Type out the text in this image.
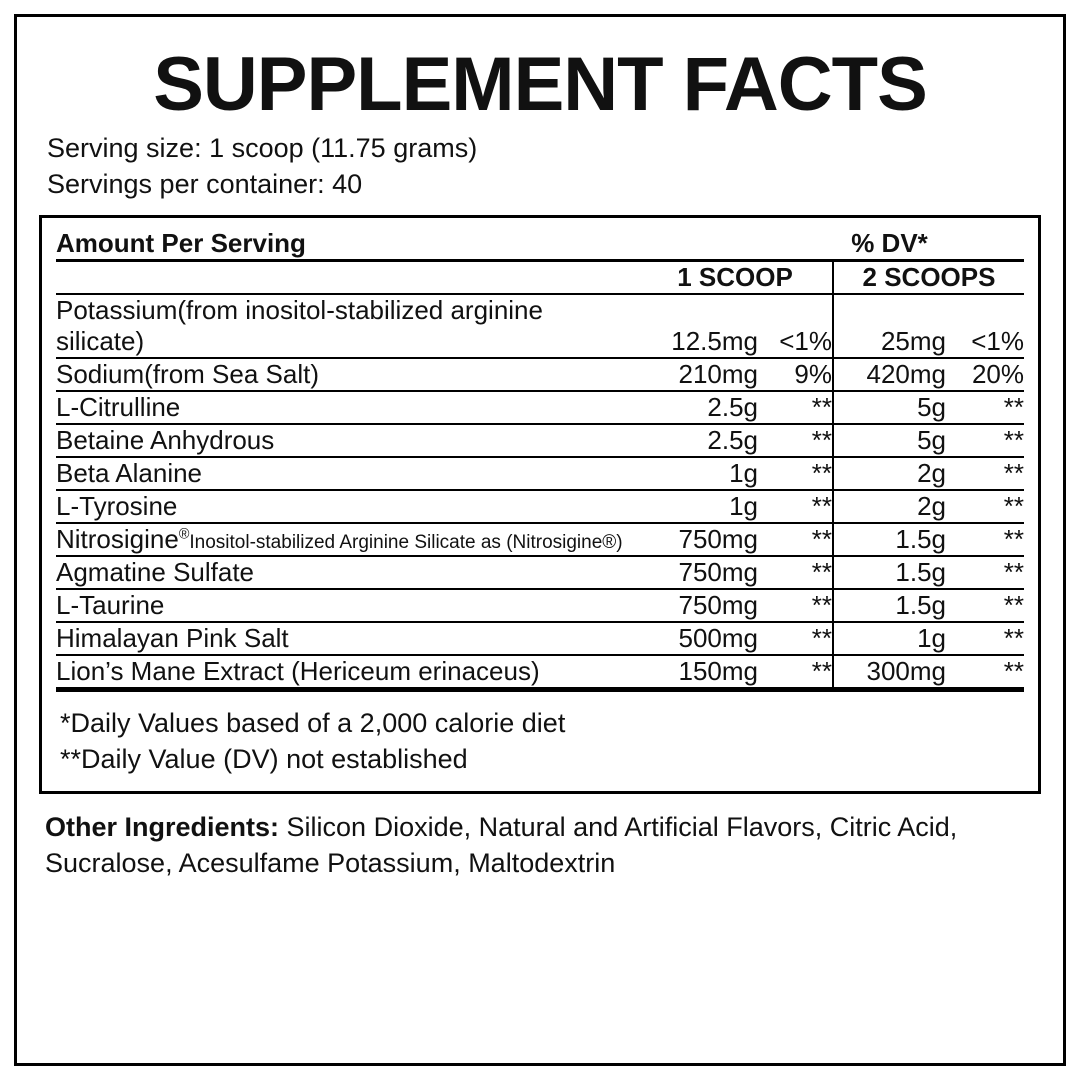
SUPPLEMENT FACTS
Serving size: 1 scoop (11.75 grams)
Servings per container: 40
Amount Per Serving			% DV*	

	1 SCOOP		2 SCOOPS	

Potassium(from inositol-stabilized arginine silicate)	12.5mg	<1%	25mg	<1%
Sodium(from Sea Salt)	210mg	9%	420mg	20%
L-Citrulline	2.5g	**	5g	**
Betaine Anhydrous	2.5g	**	5g	**
Beta Alanine	1g	**	2g	**
L-Tyrosine	1g	**	2g	**
Nitrosigine®Inositol-stabilized Arginine Silicate as (Nitrosigine®)	750mg	**	1.5g	**
Agmatine Sulfate	750mg	**	1.5g	**
L-Taurine	750mg	**	1.5g	**
Himalayan Pink Salt	500mg	**	1g	**
Lion’s Mane Extract (Hericeum erinaceus)	150mg	**	300mg	**

*Daily Values based of a 2,000 calorie diet
**Daily Value (DV) not established
Other Ingredients: Silicon Dioxide, Natural and Artificial Flavors, Citric Acid, Sucralose, Acesulfame Potassium, Maltodextrin
